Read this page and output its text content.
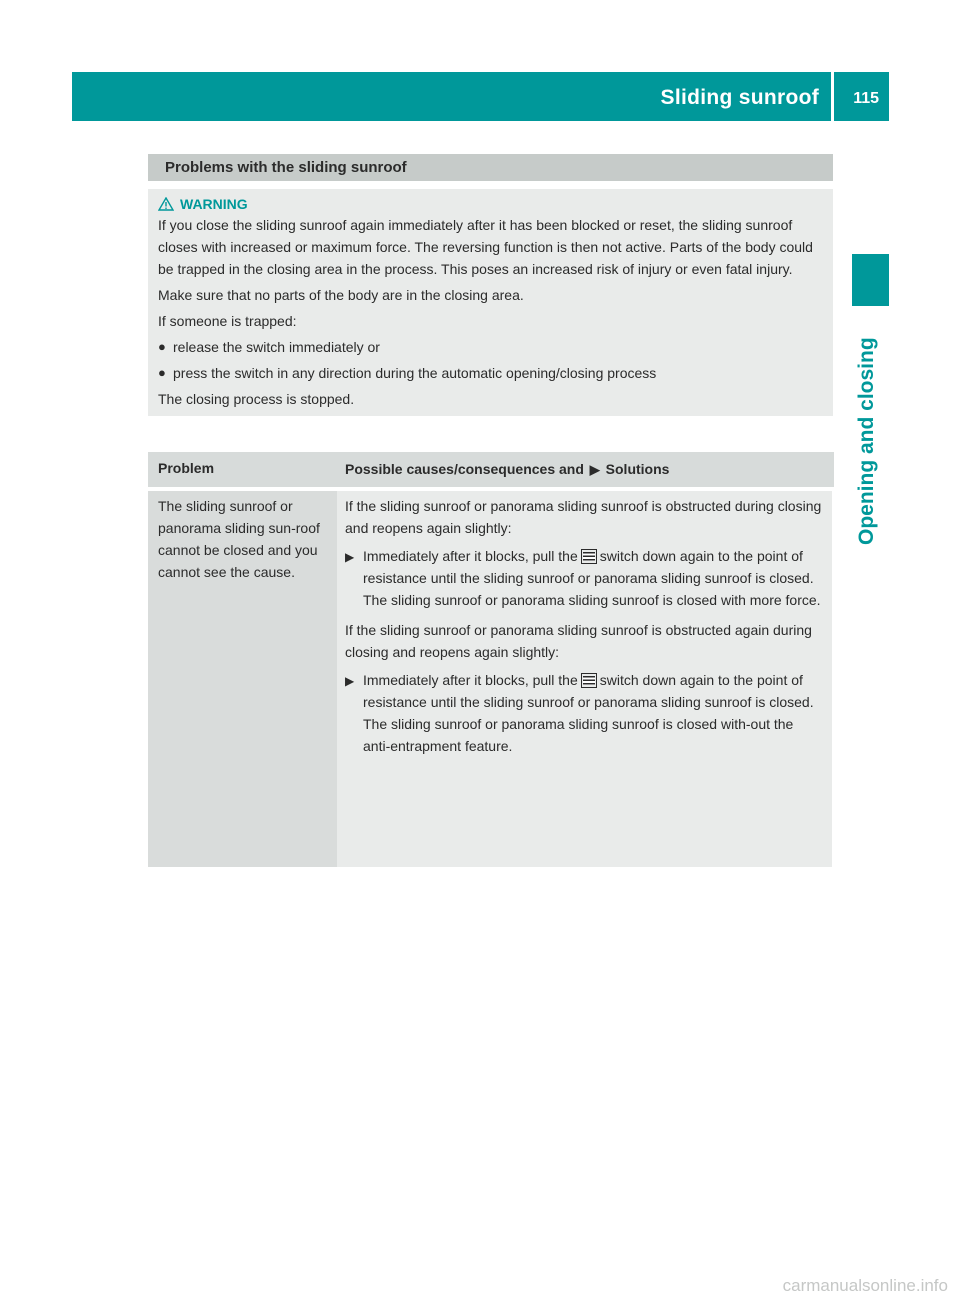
Sliding sunroof 115
Opening and closing
Problems with the sliding sunroof
WARNING

If you close the sliding sunroof again immediately after it has been blocked or reset, the sliding sunroof closes with increased or maximum force. The reversing function is then not active. Parts of the body could be trapped in the closing area in the process. This poses an increased risk of injury or even fatal injury.

Make sure that no parts of the body are in the closing area.

If someone is trapped:

● release the switch immediately or
● press the switch in any direction during the automatic opening/closing process

The closing process is stopped.

Problem	Possible causes/consequences and ▶ Solutions
The sliding sunroof or panorama sliding sun-roof cannot be closed and you cannot see the cause.

If the sliding sunroof or panorama sliding sunroof is obstructed during closing and reopens again slightly:

▶ Immediately after it blocks, pull the switch down again to the point of resistance until the sliding sunroof or panorama sliding sunroof is closed.
The sliding sunroof or panorama sliding sunroof is closed with more force.

If the sliding sunroof or panorama sliding sunroof is obstructed again during closing and reopens again slightly:

▶ Immediately after it blocks, pull the switch down again to the point of resistance until the sliding sunroof or panorama sliding sunroof is closed.
The sliding sunroof or panorama sliding sunroof is closed with-out the anti-entrapment feature.
carmanualsonline.info
